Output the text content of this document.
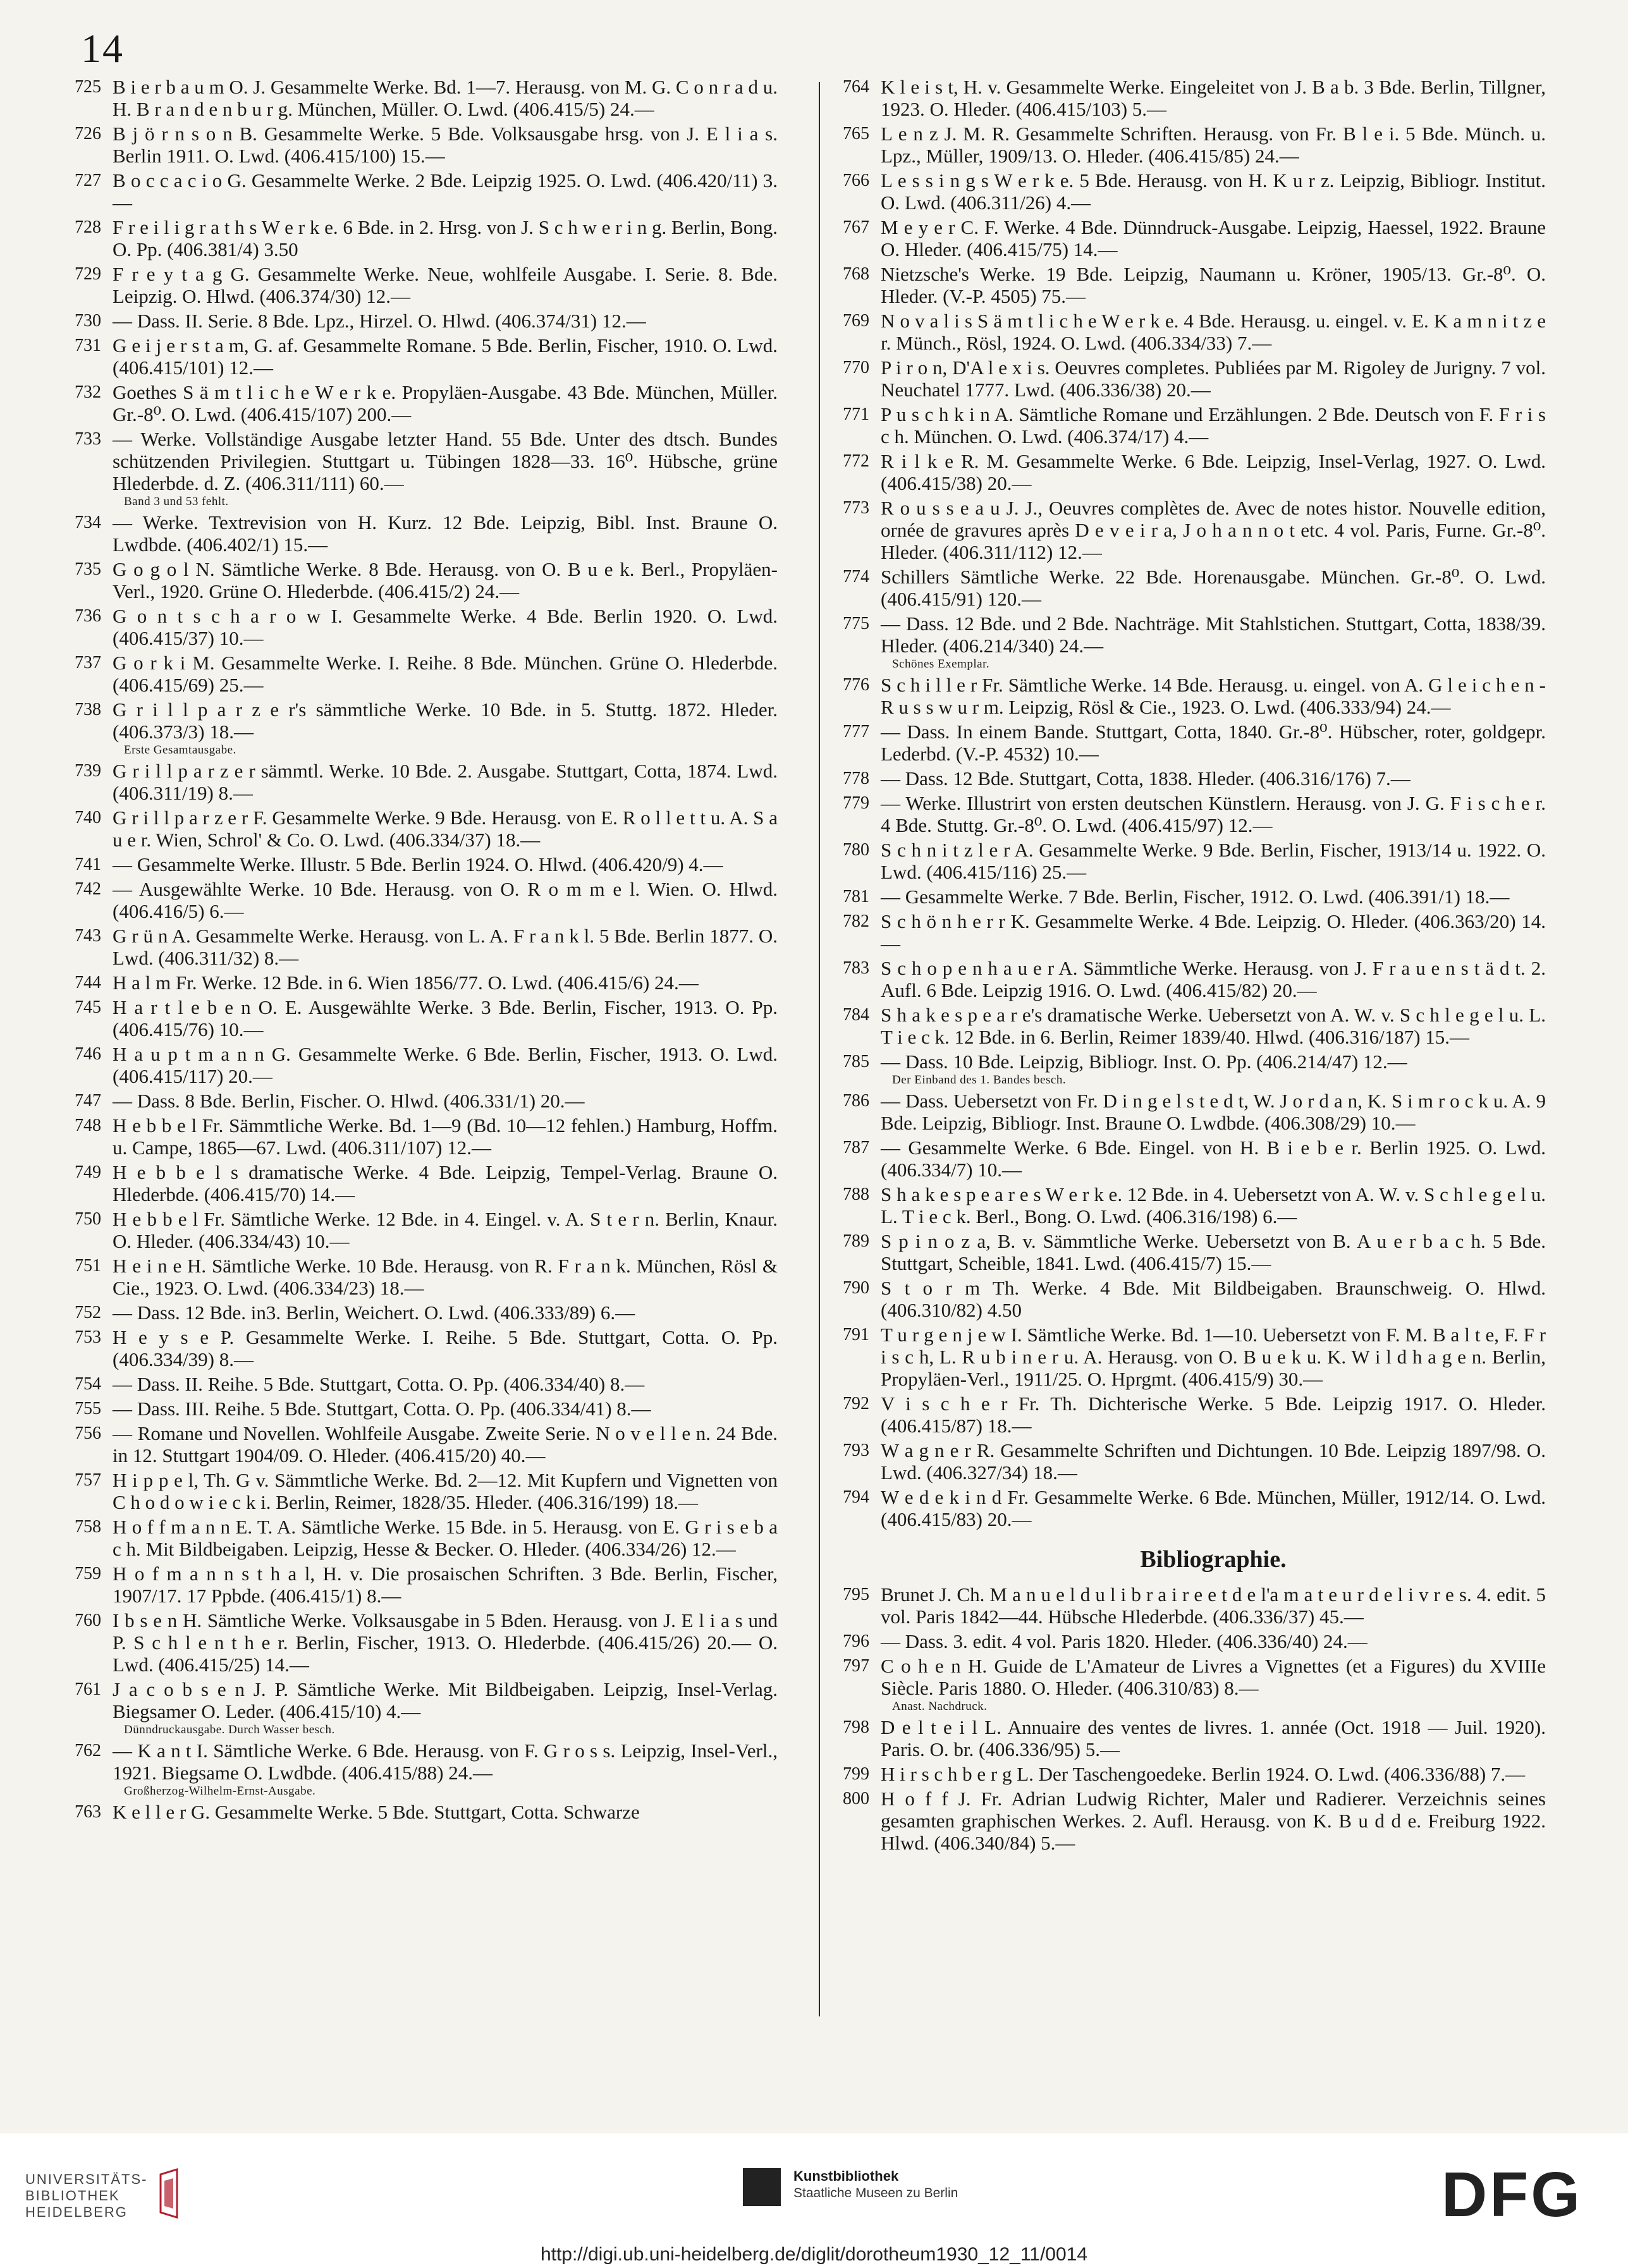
14
725 B i e r b a u m O. J. Gesammelte Werke. Bd. 1—7. Herausg. von M. G. C o n r a d u. H. B r a n d e n b u r g. München, Müller. O. Lwd. (406.415/5) 24.—
726 B j ö r n s o n B. Gesammelte Werke. 5 Bde. Volksausgabe hrsg. von J. E l i a s. Berlin 1911. O. Lwd. (406.415/100) 15.—
727 B o c c a c i o G. Gesammelte Werke. 2 Bde. Leipzig 1925. O. Lwd. (406.420/11) 3.—
728 F r e i l i g r a t h s W e r k e. 6 Bde. in 2. Hrsg. von J. S c h w e r i n g. Berlin, Bong. O. Pp. (406.381/4) 3.50
729 F r e y t a g G. Gesammelte Werke. Neue, wohlfeile Ausgabe. I. Serie. 8. Bde. Leipzig. O. Hlwd. (406.374/30) 12.—
730 — Dass. II. Serie. 8 Bde. Lpz., Hirzel. O. Hlwd. (406.374/31) 12.—
731 G e i j e r s t a m, G. af. Gesammelte Romane. 5 Bde. Berlin, Fischer, 1910. O. Lwd. (406.415/101) 12.—
732 Goethes S ä m t l i c h e W e r k e. Propyläen-Ausgabe. 43 Bde. München, Müller. Gr.-8⁰. O. Lwd. (406.415/107) 200.—
733 — Werke. Vollständige Ausgabe letzter Hand. 55 Bde. Unter des dtsch. Bundes schützenden Privilegien. Stuttgart u. Tübingen 1828—33. 16⁰. Hübsche, grüne Hlederbde. d. Z. (406.311/111) 60.—
Band 3 und 53 fehlt.
734 — Werke. Textrevision von H. Kurz. 12 Bde. Leipzig, Bibl. Inst. Braune O. Lwdbde. (406.402/1) 15.—
735 G o g o l N. Sämtliche Werke. 8 Bde. Herausg. von O. B u e k. Berl., Propyläen-Verl., 1920. Grüne O. Hlederbde. (406.415/2) 24.—
736 G o n t s c h a r o w I. Gesammelte Werke. 4 Bde. Berlin 1920. O. Lwd. (406.415/37) 10.—
737 G o r k i M. Gesammelte Werke. I. Reihe. 8 Bde. München. Grüne O. Hlederbde. (406.415/69) 25.—
738 G r i l l p a r z e r's sämmtliche Werke. 10 Bde. in 5. Stuttg. 1872. Hleder. (406.373/3) 18.—
Erste Gesamtausgabe.
739 G r i l l p a r z e r sämmtl. Werke. 10 Bde. 2. Ausgabe. Stuttgart, Cotta, 1874. Lwd. (406.311/19) 8.—
740 G r i l l p a r z e r F. Gesammelte Werke. 9 Bde. Herausg. von E. R o l l e t t u. A. S a u e r. Wien, Schrol' & Co. O. Lwd. (406.334/37) 18.—
741 — Gesammelte Werke. Illustr. 5 Bde. Berlin 1924. O. Hlwd. (406.420/9) 4.—
742 — Ausgewählte Werke. 10 Bde. Herausg. von O. R o m m e l. Wien. O. Hlwd. (406.416/5) 6.—
743 G r ü n A. Gesammelte Werke. Herausg. von L. A. F r a n k l. 5 Bde. Berlin 1877. O. Lwd. (406.311/32) 8.—
744 H a l m Fr. Werke. 12 Bde. in 6. Wien 1856/77. O. Lwd. (406.415/6) 24.—
745 H a r t l e b e n O. E. Ausgewählte Werke. 3 Bde. Berlin, Fischer, 1913. O. Pp. (406.415/76) 10.—
746 H a u p t m a n n G. Gesammelte Werke. 6 Bde. Berlin, Fischer, 1913. O. Lwd. (406.415/117) 20.—
747 — Dass. 8 Bde. Berlin, Fischer. O. Hlwd. (406.331/1) 20.—
748 H e b b e l Fr. Sämmtliche Werke. Bd. 1—9 (Bd. 10—12 fehlen.) Hamburg, Hoffm. u. Campe, 1865—67. Lwd. (406.311/107) 12.—
749 H e b b e l s dramatische Werke. 4 Bde. Leipzig, Tempel-Verlag. Braune O. Hlederbde. (406.415/70) 14.—
750 H e b b e l Fr. Sämtliche Werke. 12 Bde. in 4. Eingel. v. A. S t e r n. Berlin, Knaur. O. Hleder. (406.334/43) 10.—
751 H e i n e H. Sämtliche Werke. 10 Bde. Herausg. von R. F r a n k. München, Rösl & Cie., 1923. O. Lwd. (406.334/23) 18.—
752 — Dass. 12 Bde. in3. Berlin, Weichert. O. Lwd. (406.333/89) 6.—
753 H e y s e P. Gesammelte Werke. I. Reihe. 5 Bde. Stuttgart, Cotta. O. Pp. (406.334/39) 8.—
754 — Dass. II. Reihe. 5 Bde. Stuttgart, Cotta. O. Pp. (406.334/40) 8.—
755 — Dass. III. Reihe. 5 Bde. Stuttgart, Cotta. O. Pp. (406.334/41) 8.—
756 — Romane und Novellen. Wohlfeile Ausgabe. Zweite Serie. N o v e l l e n. 24 Bde. in 12. Stuttgart 1904/09. O. Hleder. (406.415/20) 40.—
757 H i p p e l, Th. G v. Sämmtliche Werke. Bd. 2—12. Mit Kupfern und Vignetten von C h o d o w i e c k i. Berlin, Reimer, 1828/35. Hleder. (406.316/199) 18.—
758 H o f f m a n n E. T. A. Sämtliche Werke. 15 Bde. in 5. Herausg. von E. G r i s e b a c h. Mit Bildbeigaben. Leipzig, Hesse & Becker. O. Hleder. (406.334/26) 12.—
759 H o f m a n n s t h a l, H. v. Die prosaischen Schriften. 3 Bde. Berlin, Fischer, 1907/17. 17 Ppbde. (406.415/1) 8.—
760 I b s e n H. Sämtliche Werke. Volksausgabe in 5 Bden. Herausg. von J. E l i a s und P. S c h l e n t h e r. Berlin, Fischer, 1913. O. Hlederbde. (406.415/26) 20.— O. Lwd. (406.415/25) 14.—
761 J a c o b s e n J. P. Sämtliche Werke. Mit Bildbeigaben. Leipzig, Insel-Verlag. Biegsamer O. Leder. (406.415/10) 4.—
Dünndruckausgabe. Durch Wasser besch.
762 — K a n t I. Sämtliche Werke. 6 Bde. Herausg. von F. G r o s s. Leipzig, Insel-Verl., 1921. Biegsame O. Lwdbde. (406.415/88) 24.—
Großherzog-Wilhelm-Ernst-Ausgabe.
763 K e l l e r G. Gesammelte Werke. 5 Bde. Stuttgart, Cotta. Schwarze
764 K l e i s t, H. v. Gesammelte Werke. Eingeleitet von J. B a b. 3 Bde. Berlin, Tillgner, 1923. O. Hleder. (406.415/103) 5.—
765 L e n z J. M. R. Gesammelte Schriften. Herausg. von Fr. B l e i. 5 Bde. Münch. u. Lpz., Müller, 1909/13. O. Hleder. (406.415/85) 24.—
766 L e s s i n g s W e r k e. 5 Bde. Herausg. von H. K u r z. Leipzig, Bibliogr. Institut. O. Lwd. (406.311/26) 4.—
767 M e y e r C. F. Werke. 4 Bde. Dünndruck-Ausgabe. Leipzig, Haessel, 1922. Braune O. Hleder. (406.415/75) 14.—
768 Nietzsche's Werke. 19 Bde. Leipzig, Naumann u. Kröner, 1905/13. Gr.-8⁰. O. Hleder. (V.-P. 4505) 75.—
769 N o v a l i s S ä m t l i c h e W e r k e. 4 Bde. Herausg. u. eingel. v. E. K a m n i t z e r. Münch., Rösl, 1924. O. Lwd. (406.334/33) 7.—
770 P i r o n, D'A l e x i s. Oeuvres completes. Publiées par M. Rigoley de Jurigny. 7 vol. Neuchatel 1777. Lwd. (406.336/38) 20.—
771 P u s c h k i n A. Sämtliche Romane und Erzählungen. 2 Bde. Deutsch von F. F r i s c h. München. O. Lwd. (406.374/17) 4.—
772 R i l k e R. M. Gesammelte Werke. 6 Bde. Leipzig, Insel-Verlag, 1927. O. Lwd. (406.415/38) 20.—
773 R o u s s e a u J. J., Oeuvres complètes de. Avec de notes histor. Nouvelle edition, ornée de gravures après D e v e i r a, J o h a n n o t etc. 4 vol. Paris, Furne. Gr.-8⁰. Hleder. (406.311/112) 12.—
774 Schillers Sämtliche Werke. 22 Bde. Horenausgabe. München. Gr.-8⁰. O. Lwd. (406.415/91) 120.—
775 — Dass. 12 Bde. und 2 Bde. Nachträge. Mit Stahlstichen. Stuttgart, Cotta, 1838/39. Hleder. (406.214/340) 24.—
Schönes Exemplar.
776 S c h i l l e r Fr. Sämtliche Werke. 14 Bde. Herausg. u. eingel. von A. G l e i c h e n - R u s s w u r m. Leipzig, Rösl & Cie., 1923. O. Lwd. (406.333/94) 24.—
777 — Dass. In einem Bande. Stuttgart, Cotta, 1840. Gr.-8⁰. Hübscher, roter, goldgepr. Lederbd. (V.-P. 4532) 10.—
778 — Dass. 12 Bde. Stuttgart, Cotta, 1838. Hleder. (406.316/176) 7.—
779 — Werke. Illustrirt von ersten deutschen Künstlern. Herausg. von J. G. F i s c h e r. 4 Bde. Stuttg. Gr.-8⁰. O. Lwd. (406.415/97) 12.—
780 S c h n i t z l e r A. Gesammelte Werke. 9 Bde. Berlin, Fischer, 1913/14 u. 1922. O. Lwd. (406.415/116) 25.—
781 — Gesammelte Werke. 7 Bde. Berlin, Fischer, 1912. O. Lwd. (406.391/1) 18.—
782 S c h ö n h e r r K. Gesammelte Werke. 4 Bde. Leipzig. O. Hleder. (406.363/20) 14.—
783 S c h o p e n h a u e r A. Sämmtliche Werke. Herausg. von J. F r a u e n s t ä d t. 2. Aufl. 6 Bde. Leipzig 1916. O. Lwd. (406.415/82) 20.—
784 S h a k e s p e a r e's dramatische Werke. Uebersetzt von A. W. v. S c h l e g e l u. L. T i e c k. 12 Bde. in 6. Berlin, Reimer 1839/40. Hlwd. (406.316/187) 15.—
785 — Dass. 10 Bde. Leipzig, Bibliogr. Inst. O. Pp. (406.214/47) 12.—
Der Einband des 1. Bandes besch.
786 — Dass. Uebersetzt von Fr. D i n g e l s t e d t, W. J o r d a n, K. S i m r o c k u. A. 9 Bde. Leipzig, Bibliogr. Inst. Braune O. Lwdbde. (406.308/29) 10.—
787 — Gesammelte Werke. 6 Bde. Eingel. von H. B i e b e r. Berlin 1925. O. Lwd. (406.334/7) 10.—
788 S h a k e s p e a r e s W e r k e. 12 Bde. in 4. Uebersetzt von A. W. v. S c h l e g e l u. L. T i e c k. Berl., Bong. O. Lwd. (406.316/198) 6.—
789 S p i n o z a, B. v. Sämmtliche Werke. Uebersetzt von B. A u e r b a c h. 5 Bde. Stuttgart, Scheible, 1841. Lwd. (406.415/7) 15.—
790 S t o r m Th. Werke. 4 Bde. Mit Bildbeigaben. Braunschweig. O. Hlwd. (406.310/82) 4.50
791 T u r g e n j e w I. Sämtliche Werke. Bd. 1—10. Uebersetzt von F. M. B a l t e, F. F r i s c h, L. R u b i n e r u. A. Herausg. von O. B u e k u. K. W i l d h a g e n. Berlin, Propyläen-Verl., 1911/25. O. Hprgmt. (406.415/9) 30.—
792 V i s c h e r Fr. Th. Dichterische Werke. 5 Bde. Leipzig 1917. O. Hleder. (406.415/87) 18.—
793 W a g n e r R. Gesammelte Schriften und Dichtungen. 10 Bde. Leipzig 1897/98. O. Lwd. (406.327/34) 18.—
794 W e d e k i n d Fr. Gesammelte Werke. 6 Bde. München, Müller, 1912/14. O. Lwd. (406.415/83) 20.—
Bibliographie.
795 Brunet J. Ch. M a n u e l d u l i b r a i r e e t d e l'a m a t e u r d e l i v r e s. 4. edit. 5 vol. Paris 1842—44. Hübsche Hlederbde. (406.336/37) 45.—
796 — Dass. 3. edit. 4 vol. Paris 1820. Hleder. (406.336/40) 24.—
797 C o h e n H. Guide de L'Amateur de Livres a Vignettes (et a Figures) du XVIIIe Siècle. Paris 1880. O. Hleder. (406.310/83) 8.—
Anast. Nachdruck.
798 D e l t e i l L. Annuaire des ventes de livres. 1. année (Oct. 1918 — Juil. 1920). Paris. O. br. (406.336/95) 5.—
799 H i r s c h b e r g L. Der Taschengoedeke. Berlin 1924. O. Lwd. (406.336/88) 7.—
800 H o f f J. Fr. Adrian Ludwig Richter, Maler und Radierer. Verzeichnis seines gesamten graphischen Werkes. 2. Aufl. Herausg. von K. B u d d e. Freiburg 1922. Hlwd. (406.340/84) 5.—
UNIVERSITÄTS- BIBLIOTHEK HEIDELBERG
Kunstbibliothek
Staatliche Museen zu Berlin	DFG
http://digi.ub.uni-heidelberg.de/diglit/dorotheum1930_12_11/0014
